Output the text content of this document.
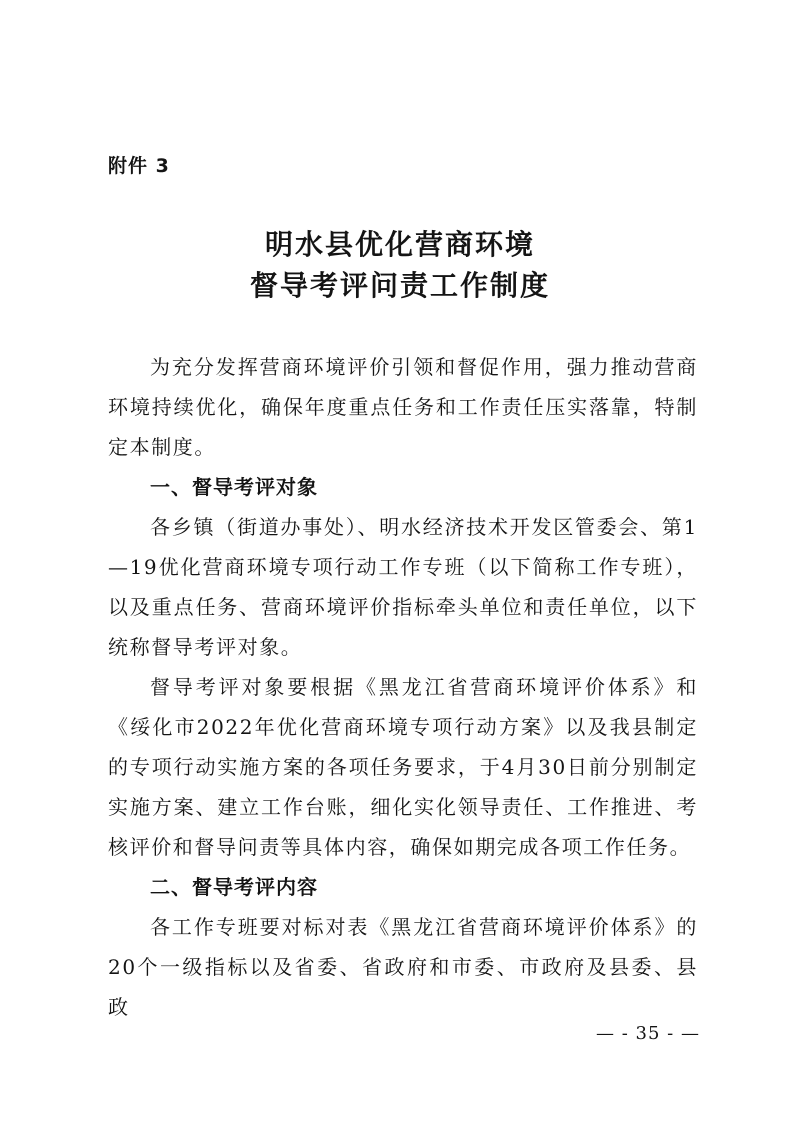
附件 3
明水县优化营商环境
督导考评问责工作制度

为充分发挥营商环境评价引领和督促作用，强力推动营商环境持续优化，确保年度重点任务和工作责任压实落靠，特制定本制度。

一、督导考评对象

各乡镇（街道办事处）、明水经济技术开发区管委会、第1—19优化营商环境专项行动工作专班（以下简称工作专班），以及重点任务、营商环境评价指标牵头单位和责任单位，以下统称督导考评对象。

督导考评对象要根据《黑龙江省营商环境评价体系》和《绥化市2022年优化营商环境专项行动方案》以及我县制定的专项行动实施方案的各项任务要求，于4月30日前分别制定实施方案、建立工作台账，细化实化领导责任、工作推进、考核评价和督导问责等具体内容，确保如期完成各项工作任务。

二、督导考评内容

各工作专班要对标对表《黑龙江省营商环境评价体系》的20个一级指标以及省委、省政府和市委、市政府及县委、县政

— - 35 - —
